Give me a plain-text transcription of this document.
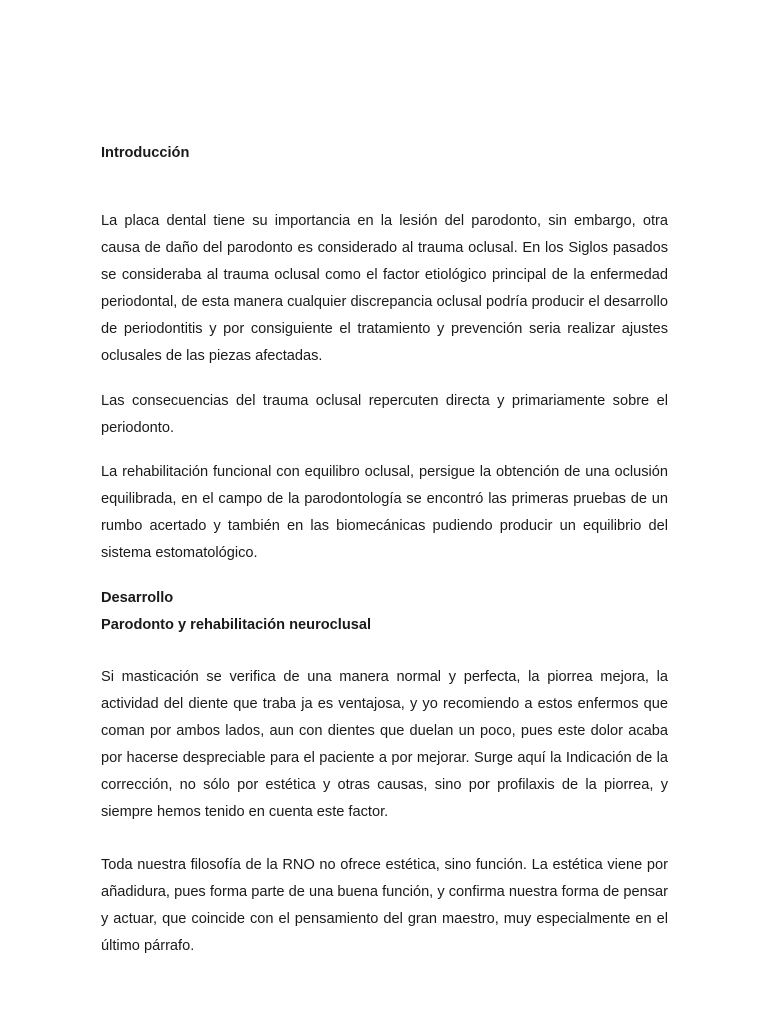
Introducción

La placa dental tiene su importancia en la lesión del parodonto, sin embargo, otra causa de daño del parodonto es considerado al trauma oclusal. En los Siglos pasados se consideraba al trauma oclusal como el factor etiológico principal de la enfermedad periodontal, de esta manera cualquier discrepancia oclusal podría producir el desarrollo de periodontitis y por consiguiente el tratamiento y prevención seria realizar ajustes oclusales de las piezas afectadas.

Las consecuencias del trauma oclusal repercuten directa y primariamente sobre el periodonto.

La rehabilitación funcional con equilibro oclusal, persigue la obtención de una oclusión equilibrada, en el campo de la parodontología se encontró las primeras pruebas de un rumbo acertado y también en las biomecánicas pudiendo producir un equilibrio del sistema estomatológico.

Desarrollo

Parodonto y rehabilitación neuroclusal

Si masticación se verifica de una manera normal y perfecta, la piorrea mejora, la actividad del diente que traba ja es ventajosa, y yo recomiendo a estos enfermos que coman por ambos lados, aun con dientes que duelan un poco, pues este dolor acaba por hacerse despreciable para el paciente a por mejorar. Surge aquí la Indicación de la corrección, no sólo por estética y otras causas, sino por profilaxis de la piorrea, y siempre hemos tenido en cuenta este factor.

Toda nuestra filosofía de la RNO no ofrece estética, sino función. La estética viene por añadidura, pues forma parte de una buena función, y confirma nuestra forma de pensar y actuar, que coincide con el pensamiento del gran maestro, muy especialmente en el último párrafo.
